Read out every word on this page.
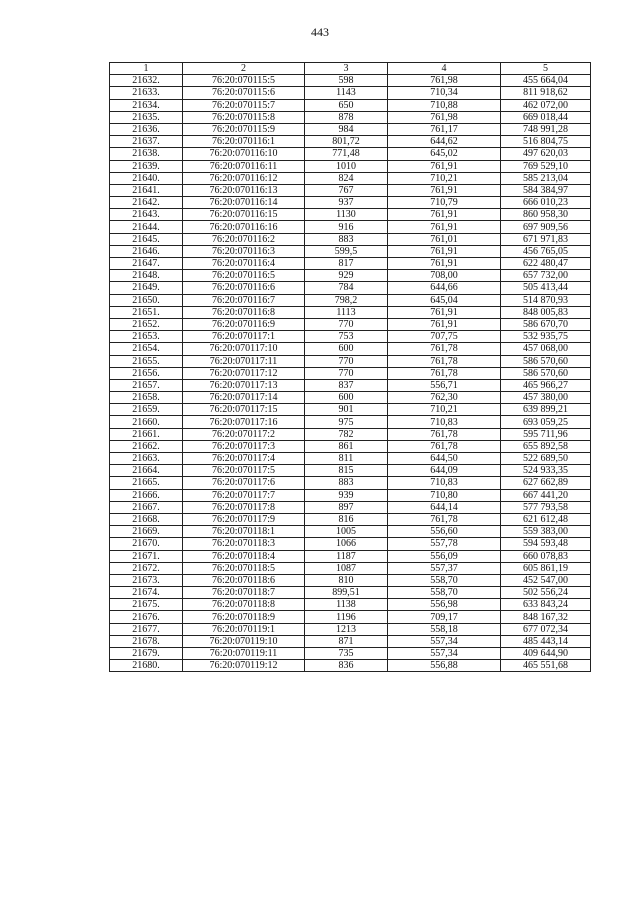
443
1	2	3	4	5
21632.	76:20:070115:5	598	761,98	455 664,04
21633.	76:20:070115:6	1143	710,34	811 918,62
21634.	76:20:070115:7	650	710,88	462 072,00
21635.	76:20:070115:8	878	761,98	669 018,44
21636.	76:20:070115:9	984	761,17	748 991,28
21637.	76:20:070116:1	801,72	644,62	516 804,75
21638.	76:20:070116:10	771,48	645,02	497 620,03
21639.	76:20:070116:11	1010	761,91	769 529,10
21640.	76:20:070116:12	824	710,21	585 213,04
21641.	76:20:070116:13	767	761,91	584 384,97
21642.	76:20:070116:14	937	710,79	666 010,23
21643.	76:20:070116:15	1130	761,91	860 958,30
21644.	76:20:070116:16	916	761,91	697 909,56
21645.	76:20:070116:2	883	761,01	671 971,83
21646.	76:20:070116:3	599,5	761,91	456 765,05
21647.	76:20:070116:4	817	761,91	622 480,47
21648.	76:20:070116:5	929	708,00	657 732,00
21649.	76:20:070116:6	784	644,66	505 413,44
21650.	76:20:070116:7	798,2	645,04	514 870,93
21651.	76:20:070116:8	1113	761,91	848 005,83
21652.	76:20:070116:9	770	761,91	586 670,70
21653.	76:20:070117:1	753	707,75	532 935,75
21654.	76:20:070117:10	600	761,78	457 068,00
21655.	76:20:070117:11	770	761,78	586 570,60
21656.	76:20:070117:12	770	761,78	586 570,60
21657.	76:20:070117:13	837	556,71	465 966,27
21658.	76:20:070117:14	600	762,30	457 380,00
21659.	76:20:070117:15	901	710,21	639 899,21
21660.	76:20:070117:16	975	710,83	693 059,25
21661.	76:20:070117:2	782	761,78	595 711,96
21662.	76:20:070117:3	861	761,78	655 892,58
21663.	76:20:070117:4	811	644,50	522 689,50
21664.	76:20:070117:5	815	644,09	524 933,35
21665.	76:20:070117:6	883	710,83	627 662,89
21666.	76:20:070117:7	939	710,80	667 441,20
21667.	76:20:070117:8	897	644,14	577 793,58
21668.	76:20:070117:9	816	761,78	621 612,48
21669.	76:20:070118:1	1005	556,60	559 383,00
21670.	76:20:070118:3	1066	557,78	594 593,48
21671.	76:20:070118:4	1187	556,09	660 078,83
21672.	76:20:070118:5	1087	557,37	605 861,19
21673.	76:20:070118:6	810	558,70	452 547,00
21674.	76:20:070118:7	899,51	558,70	502 556,24
21675.	76:20:070118:8	1138	556,98	633 843,24
21676.	76:20:070118:9	1196	709,17	848 167,32
21677.	76:20:070119:1	1213	558,18	677 072,34
21678.	76:20:070119:10	871	557,34	485 443,14
21679.	76:20:070119:11	735	557,34	409 644,90
21680.	76:20:070119:12	836	556,88	465 551,68
